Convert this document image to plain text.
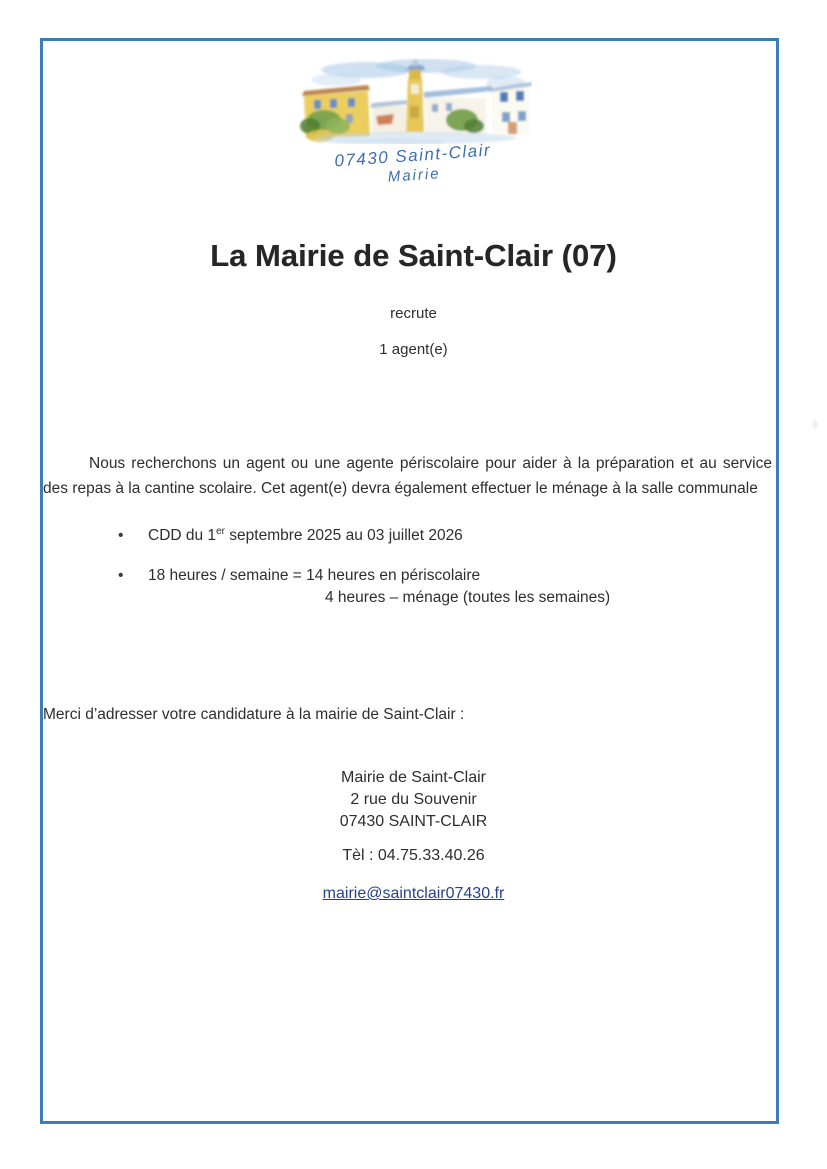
07430 Saint-Clair
Mairie
La Mairie de Saint-Clair (07)
recrute
1 agent(e)
Nous recherchons un agent ou une agente périscolaire pour aider à la préparation et au service des repas à la cantine scolaire. Cet agent(e) devra également effectuer le ménage à la salle communale
• CDD du 1er septembre 2025 au 03 juillet 2026
• 18 heures / semaine = 14 heures en périscolaire
4 heures – ménage (toutes les semaines)
Merci d’adresser votre candidature à la mairie de Saint-Clair :
Mairie de Saint-Clair
2 rue du Souvenir
07430 SAINT-CLAIR
Tèl : 04.75.33.40.26
mairie@saintclair07430.fr
